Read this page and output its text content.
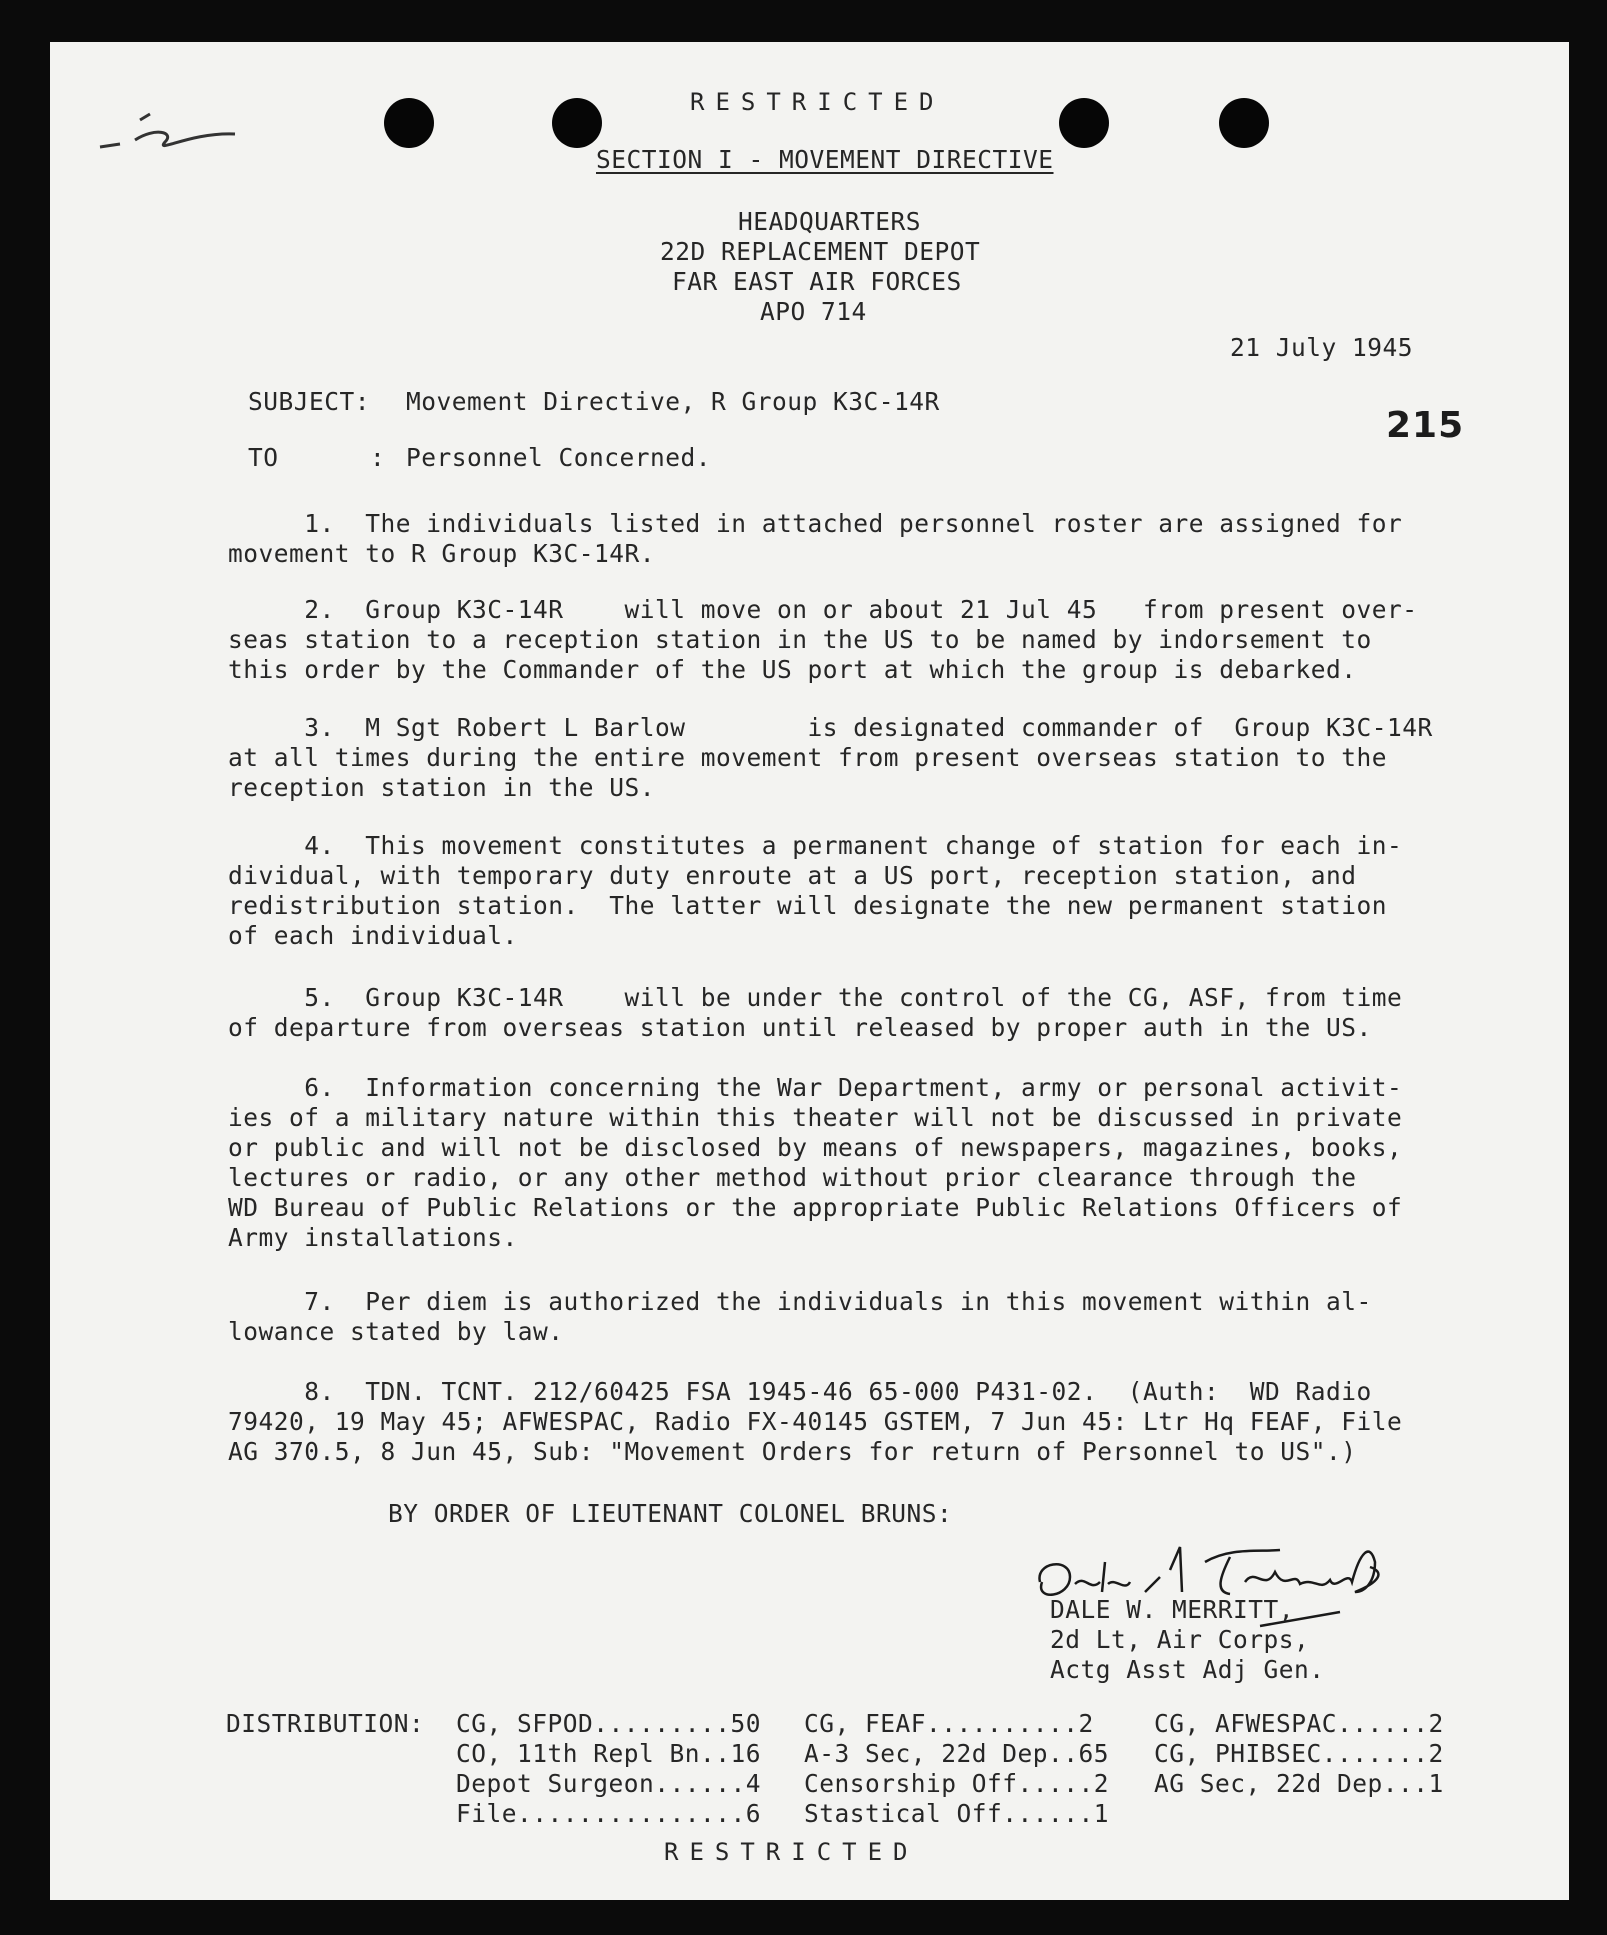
RESTRICTED
SECTION I - MOVEMENT DIRECTIVE
HEADQUARTERS
22D REPLACEMENT DEPOT
FAR EAST AIR FORCES
APO 714
21 July 1945
215
SUBJECT: Movement Directive, R Group K3C-14R
TO      : Personnel Concerned.
1.  The individuals listed in attached personnel roster are assigned for
movement to R Group K3C-14R.
2.  Group K3C-14R    will move on or about 21 Jul 45   from present over-
seas station to a reception station in the US to be named by indorsement to
this order by the Commander of the US port at which the group is debarked.
3.  M Sgt Robert L Barlow        is designated commander of  Group K3C-14R
at all times during the entire movement from present overseas station to the
reception station in the US.
4.  This movement constitutes a permanent change of station for each in-
dividual, with temporary duty enroute at a US port, reception station, and
redistribution station.  The latter will designate the new permanent station
of each individual.
5.  Group K3C-14R    will be under the control of the CG, ASF, from time
of departure from overseas station until released by proper auth in the US.
6.  Information concerning the War Department, army or personal activit-
ies of a military nature within this theater will not be discussed in private
or public and will not be disclosed by means of newspapers, magazines, books,
lectures or radio, or any other method without prior clearance through the
WD Bureau of Public Relations or the appropriate Public Relations Officers of
Army installations.
7.  Per diem is authorized the individuals in this movement within al-
lowance stated by law.
8.  TDN. TCNT. 212/60425 FSA 1945-46 65-000 P431-02.  (Auth:  WD Radio
79420, 19 May 45; AFWESPAC, Radio FX-40145 GSTEM, 7 Jun 45: Ltr Hq FEAF, File
AG 370.5, 8 Jun 45, Sub: "Movement Orders for return of Personnel to US".)
BY ORDER OF LIEUTENANT COLONEL BRUNS:
DALE W. MERRITT,
2d Lt, Air Corps,
Actg Asst Adj Gen.
DISTRIBUTION: CG, SFPOD.........50
CO, 11th Repl Bn..16
Depot Surgeon......4
File...............6
CG, FEAF..........2
A-3 Sec, 22d Dep..65
Censorship Off.....2
Stastical Off......1
CG, AFWESPAC......2
CG, PHIBSEC.......2
AG Sec, 22d Dep...1
RESTRICTED
